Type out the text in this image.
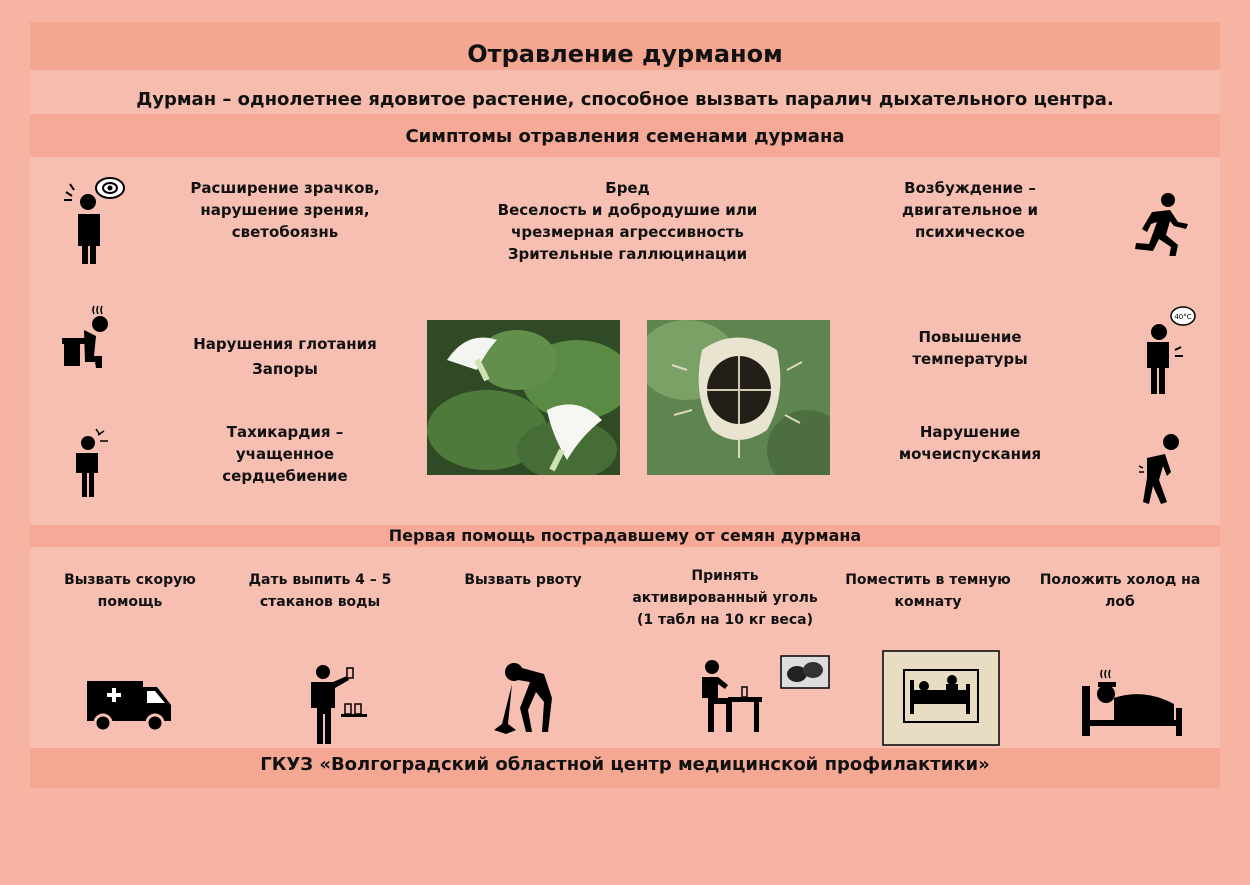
Отравление дурманом
Дурман – однолетнее ядовитое растение, способное вызвать паралич дыхательного центра.
Симптомы отравления семенами дурмана
Расширение зрачков,
нарушение зрения,
светобоязнь
Бред
Веселость и добродушие или
чрезмерная агрессивность
Зрительные галлюцинации
Возбуждение –
двигательное и
психическое
Нарушения глотания
Запоры
Повышение
температуры
Тахикардия –
учащенное
сердцебиение
Нарушение
мочеиспускания
40°C
Первая помощь пострадавшему от семян дурмана
Вызвать скорую
помощь
Дать выпить 4 – 5
стаканов воды
Вызвать рвоту	Принять
активированный уголь
(1 табл на 10 кг веса)
Поместить в темную
комнату
Положить холод на
лоб
ГКУЗ «Волгоградский областной центр медицинской профилактики»
